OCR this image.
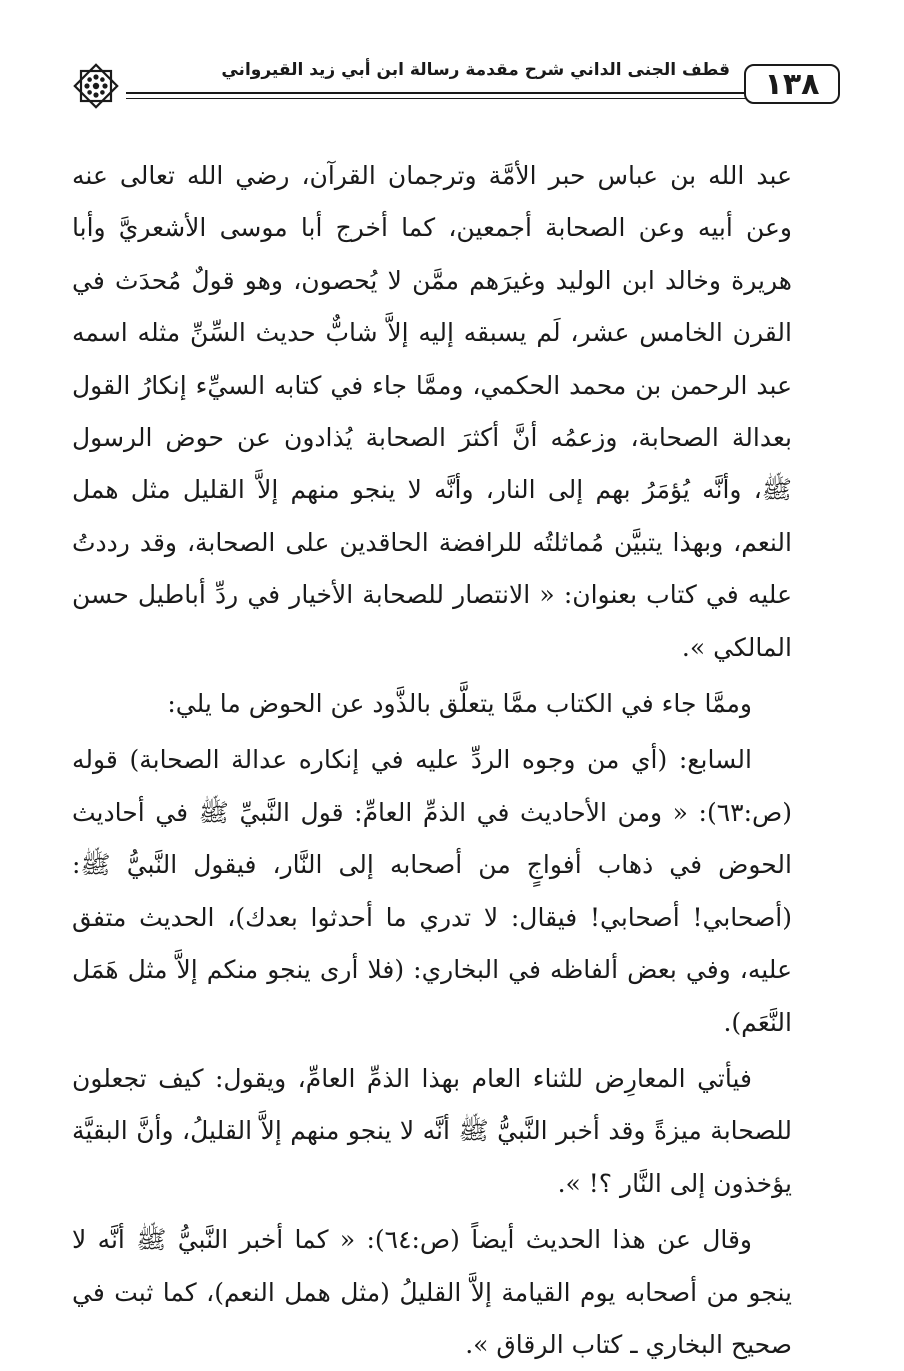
١٣٨
قطف الجنى الداني شرح مقدمة رسالة ابن أبي زيد القيرواني

عبد الله بن عباس حبر الأمَّة وترجمان القرآن، رضي الله تعالى عنه وعن أبيه وعن الصحابة أجمعين، كما أخرج أبا موسى الأشعريَّ وأبا هريرة وخالد ابن الوليد وغيرَهم ممَّن لا يُحصون، وهو قولٌ مُحدَث في القرن الخامس عشر، لَم يسبقه إليه إلاَّ شابٌّ حديث السِّنِّ مثله اسمه عبد الرحمن بن محمد الحكمي، وممَّا جاء في كتابه السيِّء إنكارُ القول بعدالة الصحابة، وزعمُه أنَّ أكثرَ الصحابة يُذادون عن حوض الرسول ﷺ، وأنَّه يُؤمَرُ بهم إلى النار، وأنَّه لا ينجو منهم إلاَّ القليل مثل همل النعم، وبهذا يتبيَّن مُماثلتُه للرافضة الحاقدين على الصحابة، وقد رددتُ عليه في كتاب بعنوان: « الانتصار للصحابة الأخيار في ردِّ أباطيل حسن المالكي ».

وممَّا جاء في الكتاب ممَّا يتعلَّق بالذَّود عن الحوض ما يلي:

السابع: (أي من وجوه الردِّ عليه في إنكاره عدالة الصحابة) قوله (ص:٦٣): « ومن الأحاديث في الذمِّ العامِّ: قول النَّبيِّ ﷺ في أحاديث الحوض في ذهاب أفواجٍ من أصحابه إلى النَّار، فيقول النَّبيُّ ﷺ: (أصحابي! أصحابي! فيقال: لا تدري ما أحدثوا بعدك)، الحديث متفق عليه، وفي بعض ألفاظه في البخاري: (فلا أرى ينجو منكم إلاَّ مثل هَمَل النَّعَم).

فيأتي المعارِض للثناء العام بهذا الذمِّ العامِّ، ويقول: كيف تجعلون للصحابة ميزةً وقد أخبر النَّبيُّ ﷺ أنَّه لا ينجو منهم إلاَّ القليلُ، وأنَّ البقيَّة يؤخذون إلى النَّار ؟! ».

وقال عن هذا الحديث أيضاً (ص:٦٤): « كما أخبر النَّبيُّ ﷺ أنَّه لا ينجو من أصحابه يوم القيامة إلاَّ القليلُ (مثل همل النعم)، كما ثبت في صحيح البخاري ـ كتاب الرقاق ».
